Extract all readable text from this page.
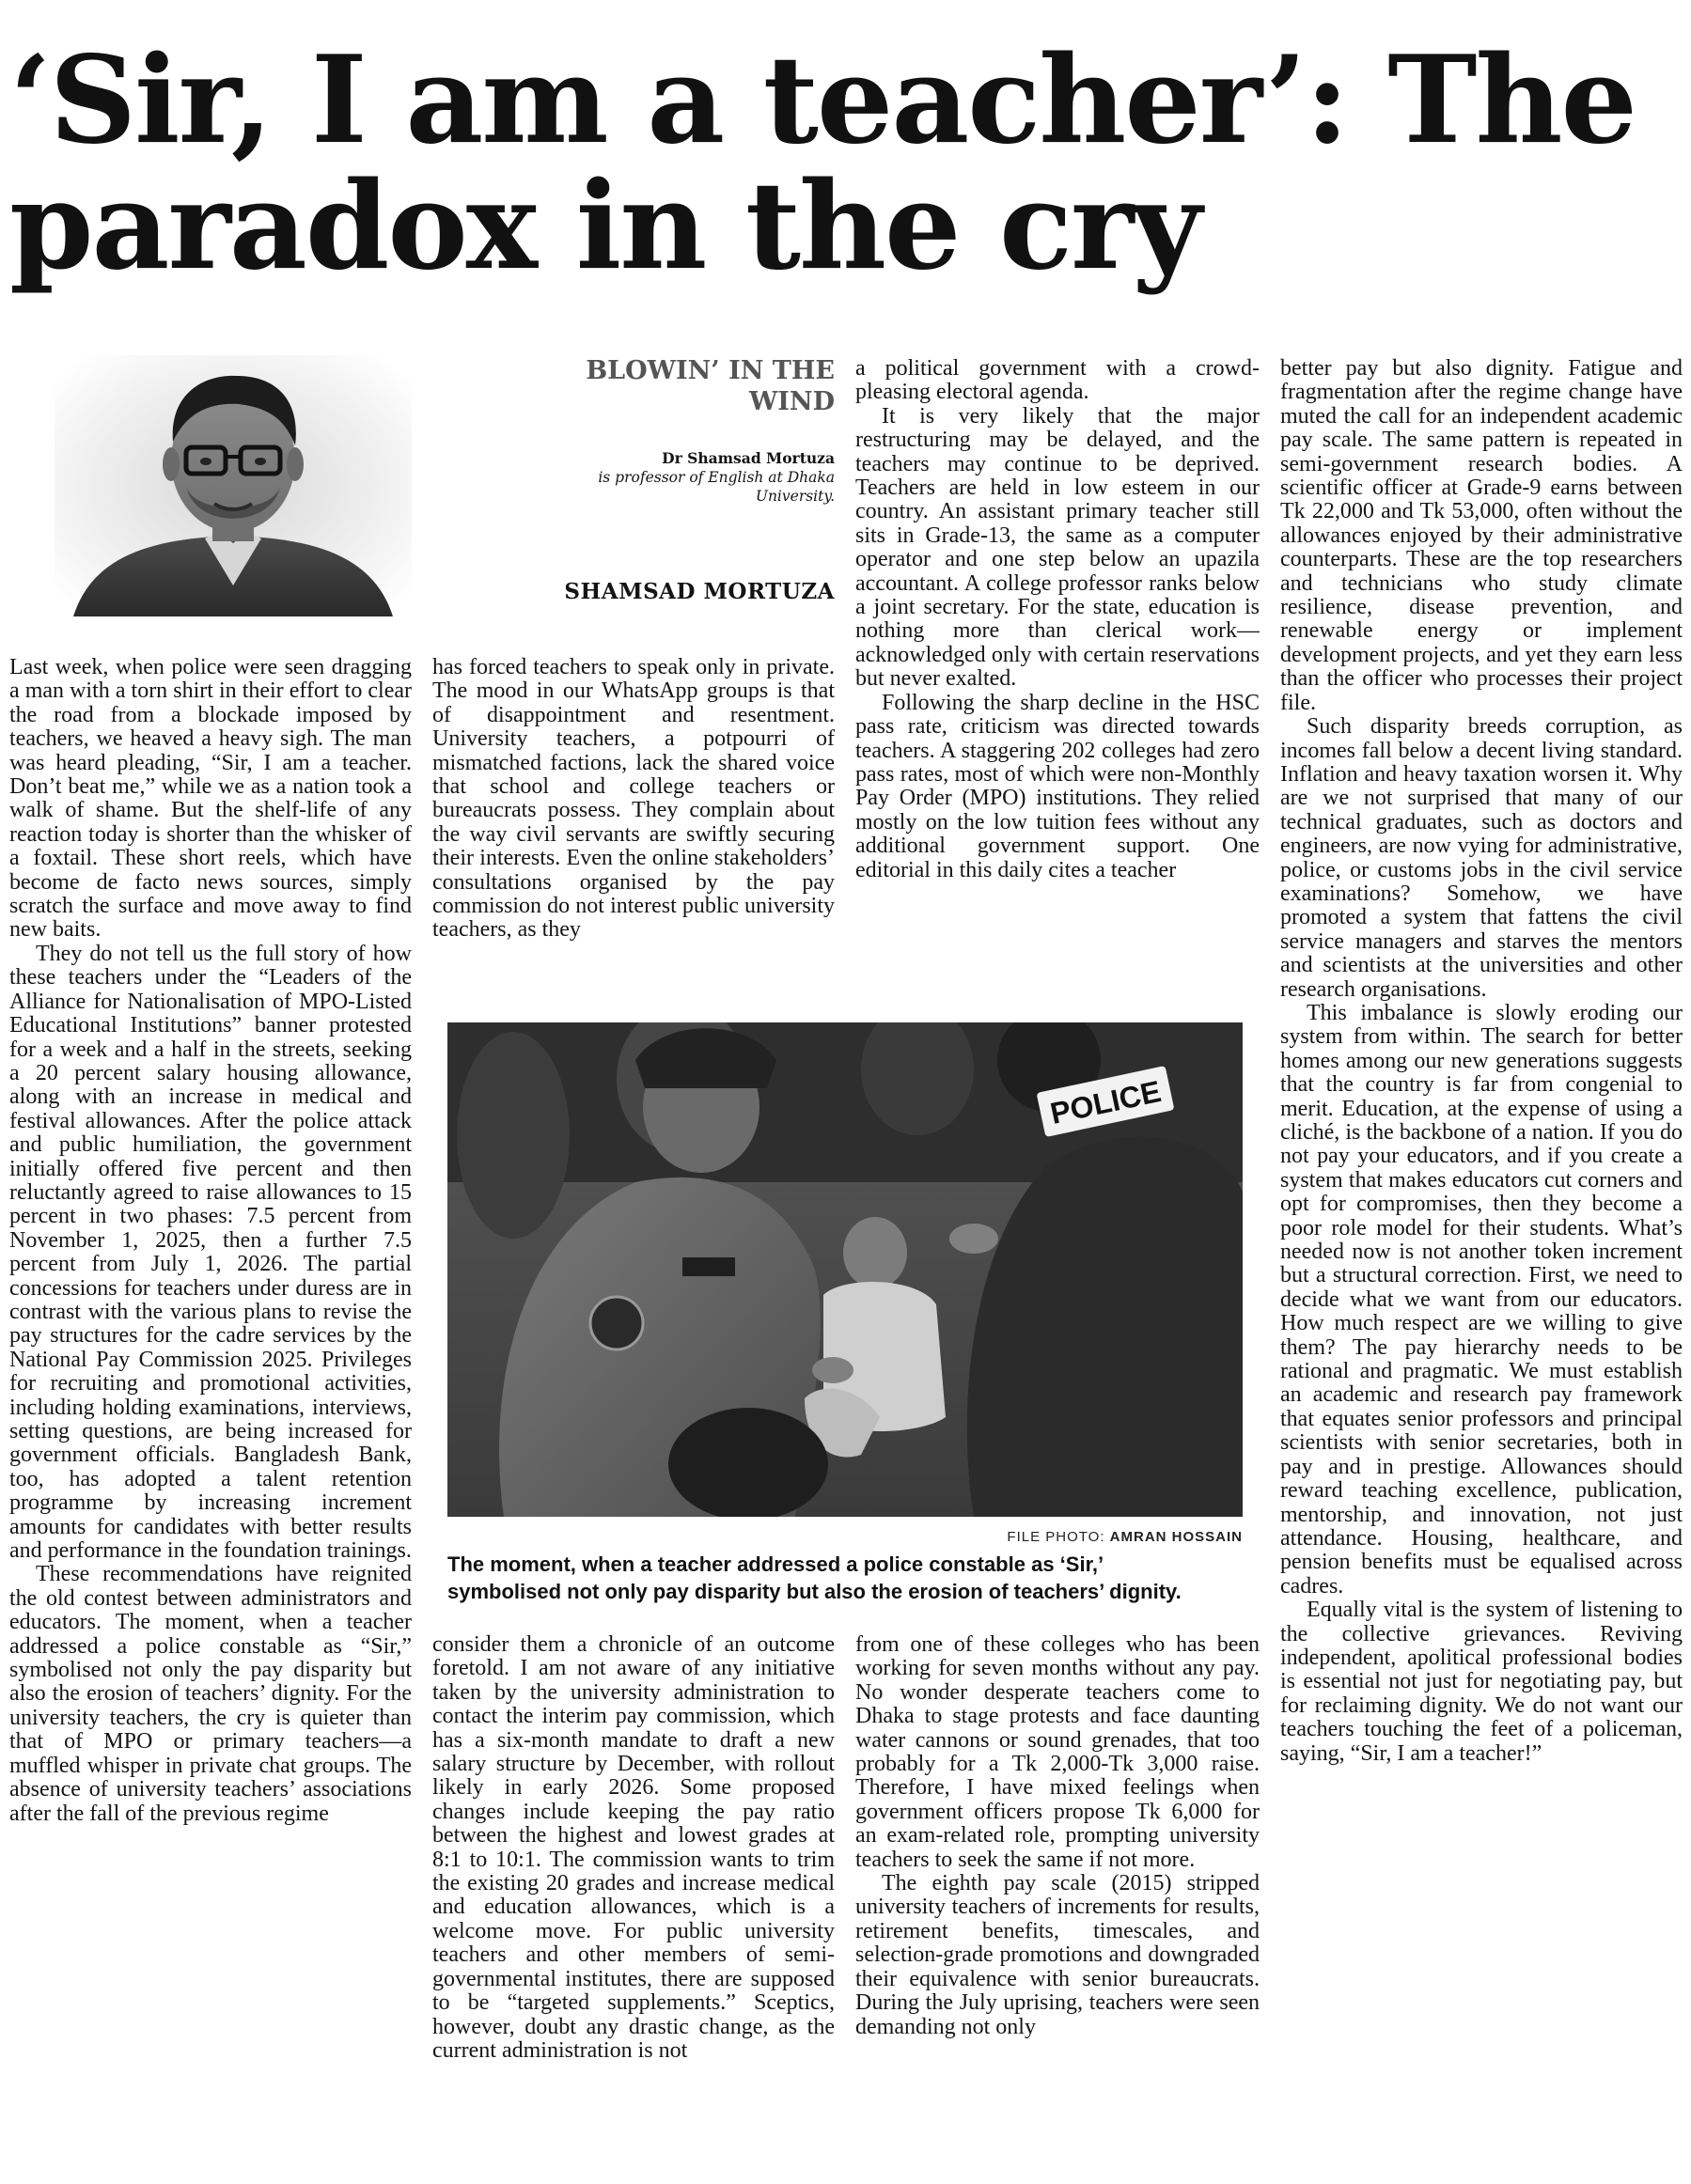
‘Sir, I am a teacher’: The
paradox in the cry
BLOWIN’ IN THE
WIND
Dr Shamsad Mortuza
is professor of English at Dhaka
University.
SHAMSAD MORTUZA

Last week, when police were seen dragging a man with a torn shirt in their effort to clear the road from a blockade imposed by teachers, we heaved a heavy sigh. The man was heard pleading, “Sir, I am a teacher. Don’t beat me,” while we as a nation took a walk of shame. But the shelf-life of any reaction today is shorter than the whisker of a foxtail. These short reels, which have become de facto news sources, simply scratch the surface and move away to find new baits.

They do not tell us the full story of how these teachers under the “Leaders of the Alliance for Nationalisation of MPO-Listed Educational Institutions” banner protested for a week and a half in the streets, seeking a 20 percent salary housing allowance, along with an increase in medical and festival allowances. After the police attack and public humiliation, the government initially offered five percent and then reluctantly agreed to raise allowances to 15 percent in two phases: 7.5 percent from November 1, 2025, then a further 7.5 percent from July 1, 2026. The partial concessions for teachers under duress are in contrast with the various plans to revise the pay structures for the cadre services by the National Pay Commission 2025. Privileges for recruiting and promotional activities, including holding examinations, interviews, setting questions, are being increased for government officials. Bangladesh Bank, too, has adopted a talent retention programme by increasing increment amounts for candidates with better results and performance in the foundation trainings.

These recommendations have reignited the old contest between administrators and educators. The moment, when a teacher addressed a police constable as “Sir,” symbolised not only the pay disparity but also the erosion of teachers’ dignity. For the university teachers, the cry is quieter than that of MPO or primary teachers—a muffled whisper in private chat groups. The absence of university teachers’ associations after the fall of the previous regime

has forced teachers to speak only in private. The mood in our WhatsApp groups is that of disappointment and resentment. University teachers, a potpourri of mismatched factions, lack the shared voice that school and college teachers or bureaucrats possess. They complain about the way civil servants are swiftly securing their interests. Even the online stakeholders’ consultations organised by the pay commission do not interest public university teachers, as they

consider them a chronicle of an outcome foretold. I am not aware of any initiative taken by the university administration to contact the interim pay commission, which has a six-month mandate to draft a new salary structure by December, with rollout likely in early 2026. Some proposed changes include keeping the pay ratio between the highest and lowest grades at 8:1 to 10:1. The commission wants to trim the existing 20 grades and increase medical and education allowances, which is a welcome move. For public university teachers and other members of semi-governmental institutes, there are supposed to be “targeted supplements.” Sceptics, however, doubt any drastic change, as the current administration is not

a political government with a crowd-pleasing electoral agenda.

It is very likely that the major restructuring may be delayed, and the teachers may continue to be deprived. Teachers are held in low esteem in our country. An assistant primary teacher still sits in Grade-13, the same as a computer operator and one step below an upazila accountant. A college professor ranks below a joint secretary. For the state, education is nothing more than clerical work—acknowledged only with certain reservations but never exalted.

Following the sharp decline in the HSC pass rate, criticism was directed towards teachers. A staggering 202 colleges had zero pass rates, most of which were non-Monthly Pay Order (MPO) institutions. They relied mostly on the low tuition fees without any additional government support. One editorial in this daily cites a teacher

from one of these colleges who has been working for seven months without any pay. No wonder desperate teachers come to Dhaka to stage protests and face daunting water cannons or sound grenades, that too probably for a Tk 2,000-Tk 3,000 raise. Therefore, I have mixed feelings when government officers propose Tk 6,000 for an exam-related role, prompting university teachers to seek the same if not more.

The eighth pay scale (2015) stripped university teachers of increments for results, retirement benefits, timescales, and selection-grade promotions and downgraded their equivalence with senior bureaucrats. During the July uprising, teachers were seen demanding not only

better pay but also dignity. Fatigue and fragmentation after the regime change have muted the call for an independent academic pay scale. The same pattern is repeated in semi-government research bodies. A scientific officer at Grade-9 earns between Tk 22,000 and Tk 53,000, often without the allowances enjoyed by their administrative counterparts. These are the top researchers and technicians who study climate resilience, disease prevention, and renewable energy or implement development projects, and yet they earn less than the officer who processes their project file.

Such disparity breeds corruption, as incomes fall below a decent living standard. Inflation and heavy taxation worsen it. Why are we not surprised that many of our technical graduates, such as doctors and engineers, are now vying for administrative, police, or customs jobs in the civil service examinations? Somehow, we have promoted a system that fattens the civil service managers and starves the mentors and scientists at the universities and other research organisations.

This imbalance is slowly eroding our system from within. The search for better homes among our new generations suggests that the country is far from congenial to merit. Education, at the expense of using a cliché, is the backbone of a nation. If you do not pay your educators, and if you create a system that makes educators cut corners and opt for compromises, then they become a poor role model for their students. What’s needed now is not another token increment but a structural correction. First, we need to decide what we want from our educators. How much respect are we willing to give them? The pay hierarchy needs to be rational and pragmatic. We must establish an academic and research pay framework that equates senior professors and principal scientists with senior secretaries, both in pay and in prestige. Allowances should reward teaching excellence, publication, mentorship, and innovation, not just attendance. Housing, healthcare, and pension benefits must be equalised across cadres.

Equally vital is the system of listening to the collective grievances. Reviving independent, apolitical professional bodies is essential not just for negotiating pay, but for reclaiming dignity. We do not want our teachers touching the feet of a policeman, saying, “Sir, I am a teacher!”

POLICE
FILE PHOTO: AMRAN HOSSAIN
The moment, when a teacher addressed a police constable as ‘Sir,’
symbolised not only pay disparity but also the erosion of teachers’ dignity.
